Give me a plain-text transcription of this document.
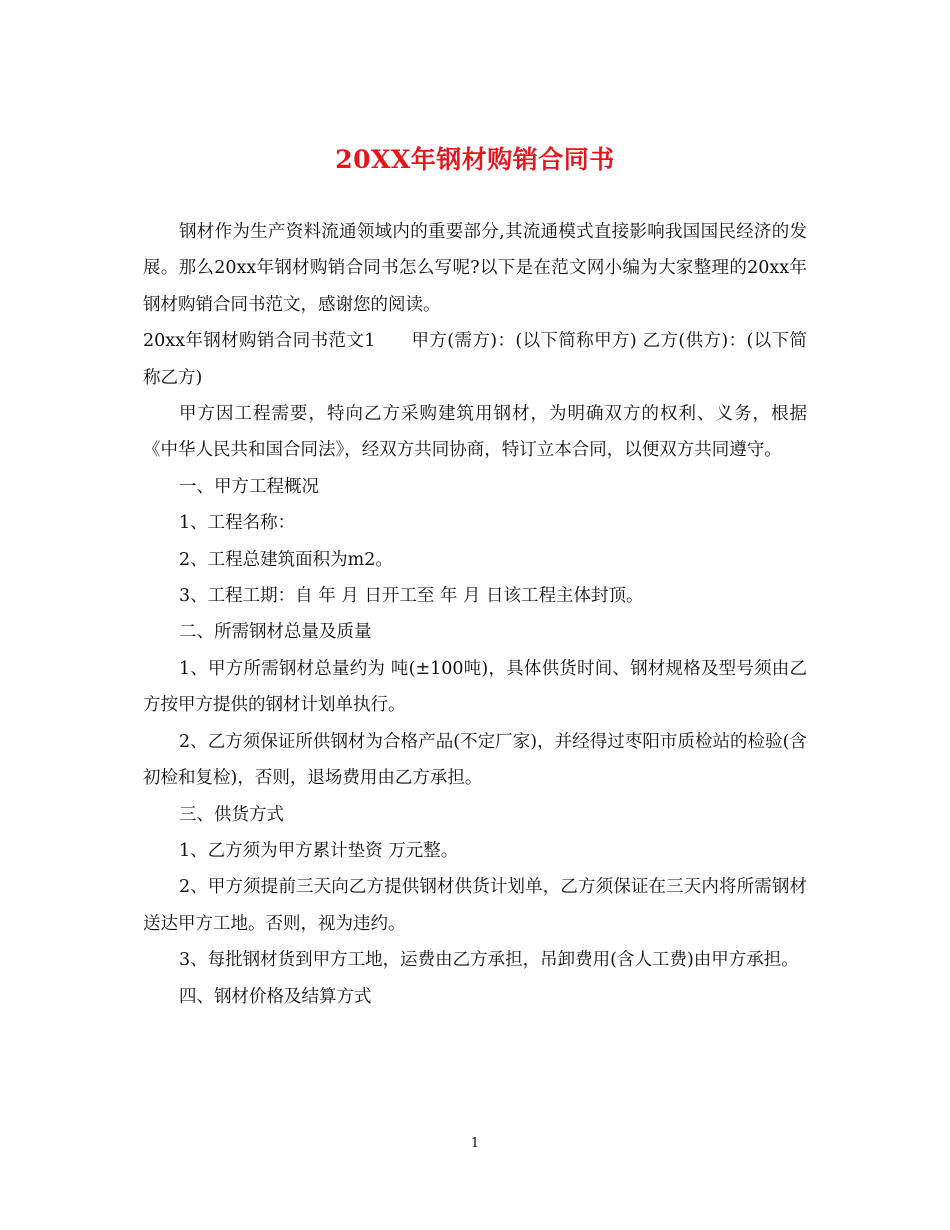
20XX年钢材购销合同书

钢材作为生产资料流通领域内的重要部分,其流通模式直接影响我国国民经济的发展。那么20xx年钢材购销合同书怎么写呢?以下是在范文网小编为大家整理的20xx年钢材购销合同书范文，感谢您的阅读。

20xx年钢材购销合同书范文1　　甲方(需方)：(以下简称甲方) 乙方(供方)：(以下简称乙方)

甲方因工程需要，特向乙方采购建筑用钢材，为明确双方的权利、义务，根据《中华人民共和国合同法》，经双方共同协商，特订立本合同，以便双方共同遵守。

一、甲方工程概况

1、工程名称：

2、工程总建筑面积为m2。

3、工程工期：自 年 月 日开工至 年 月 日该工程主体封顶。

二、所需钢材总量及质量

1、甲方所需钢材总量约为 吨(±100吨)，具体供货时间、钢材规格及型号须由乙方按甲方提供的钢材计划单执行。

2、乙方须保证所供钢材为合格产品(不定厂家)，并经得过枣阳市质检站的检验(含初检和复检)，否则，退场费用由乙方承担。

三、供货方式

1、乙方须为甲方累计垫资 万元整。

2、甲方须提前三天向乙方提供钢材供货计划单，乙方须保证在三天内将所需钢材送达甲方工地。否则，视为违约。

3、每批钢材货到甲方工地，运费由乙方承担，吊卸费用(含人工费)由甲方承担。

四、钢材价格及结算方式

1
